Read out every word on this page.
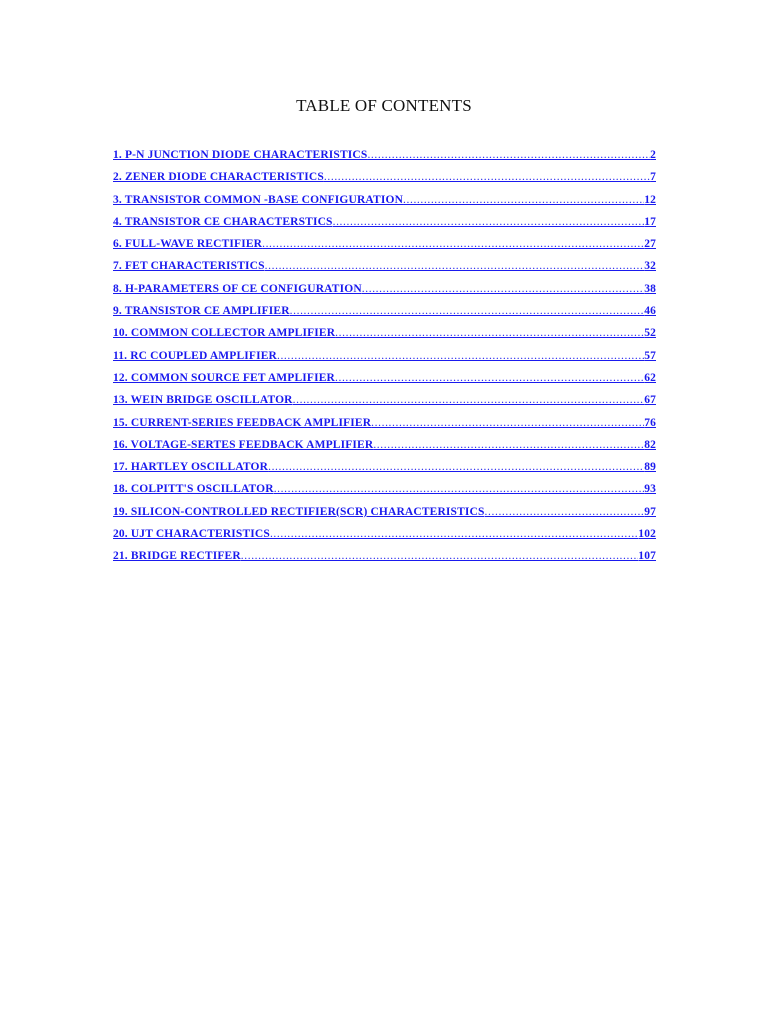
TABLE OF CONTENTS
1. P-N JUNCTION DIODE CHARACTERISTICS .....	2
2. ZENER DIODE CHARACTERISTICS .....	7
3. TRANSISTOR COMMON -BASE CONFIGURATION .....	12
4. TRANSISTOR CE CHARACTERSTICS .....	17
6. FULL-WAVE RECTIFIER .....	27
7. FET CHARACTERISTICS .....	32
8. H-PARAMETERS OF CE CONFIGURATION .....	38
9. TRANSISTOR CE AMPLIFIER .....	46
10. COMMON COLLECTOR AMPLIFIER .....	52
11. RC COUPLED AMPLIFIER .....	57
12. COMMON SOURCE FET AMPLIFIER .....	62
13. WEIN BRIDGE OSCILLATOR .....	67
15. CURRENT-SERIES FEEDBACK AMPLIFIER .....	76
16. VOLTAGE-SERTES FEEDBACK AMPLIFIER .....	82
17. HARTLEY OSCILLATOR .....	89
18. COLPITT'S OSCILLATOR .....	93
19. SILICON-CONTROLLED RECTIFIER(SCR) CHARACTERISTICS .....	97
20. UJT CHARACTERISTICS .....	102
21. BRIDGE RECTIFER .....	107
